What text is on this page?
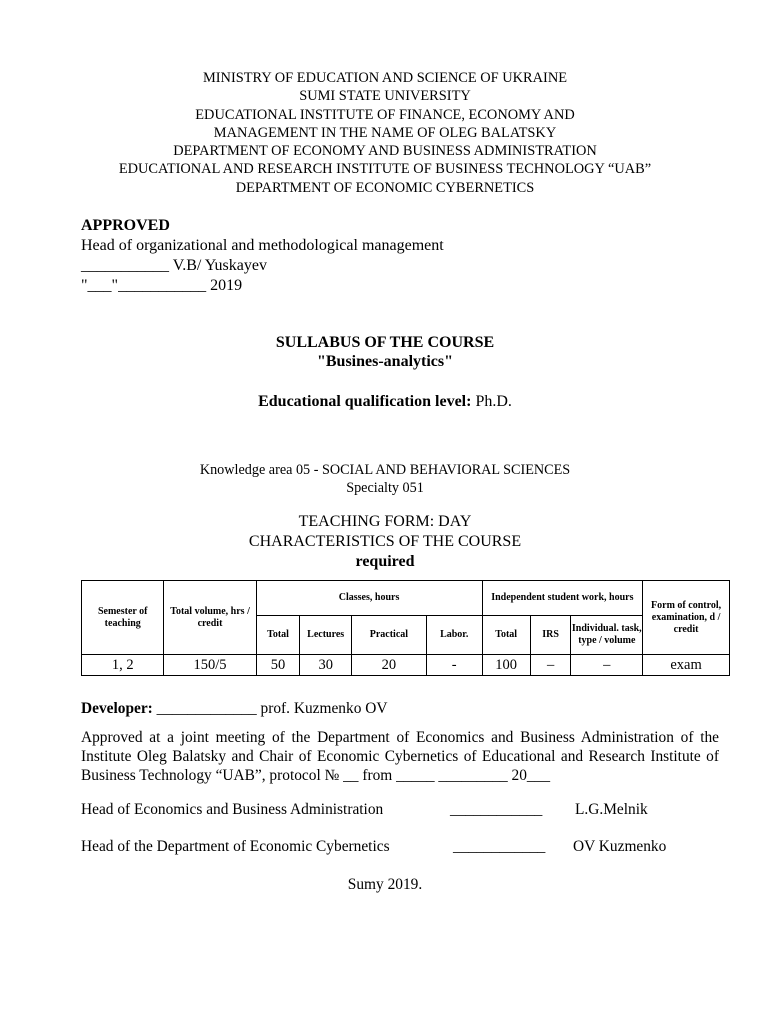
MINISTRY OF EDUCATION AND SCIENCE OF UKRAINE
SUMI STATE UNIVERSITY
EDUCATIONAL INSTITUTE OF FINANCE, ECONOMY AND
MANAGEMENT IN THE NAME OF OLEG BALATSKY
DEPARTMENT OF ECONOMY AND BUSINESS ADMINISTRATION
EDUCATIONAL AND RESEARCH INSTITUTE OF BUSINESS TECHNOLOGY “UAB”
DEPARTMENT OF ECONOMIC CYBERNETICS
APPROVED
Head of organizational and methodological management
___________ V.B/ Yuskayev
"___"___________ 2019
SULLABUS OF THE COURSE
"Busines-analytics"
Educational qualification level: Ph.D.
Knowledge area 05 - SOCIAL AND BEHAVIORAL SCIENCES
Specialty 051
TEACHING FORM: DAY
CHARACTERISTICS OF THE COURSE
required
Semester of teaching	Total volume, hrs / credit	Classes, hours				Independent student work, hours			Form of control, examination, d / credit
		Total	Lectures	Practical	Labor.	Total	IRS	Individual. task, type / volume	
1, 2	150/5	50	30	20	-	100	–	–	exam
Developer: _____________ prof. Kuzmenko OV
Approved at a joint meeting of the Department of Economics and Business Administration of the Institute Oleg Balatsky and Chair of Economic Cybernetics of Educational and Research Institute of Business Technology “UAB”, protocol № __ from _____ _________ 20___
Head of Economics and Business Administration	____________ L.G.Melnik
Head of the Department of Economic Cybernetics	____________ OV Kuzmenko
Sumy 2019.
